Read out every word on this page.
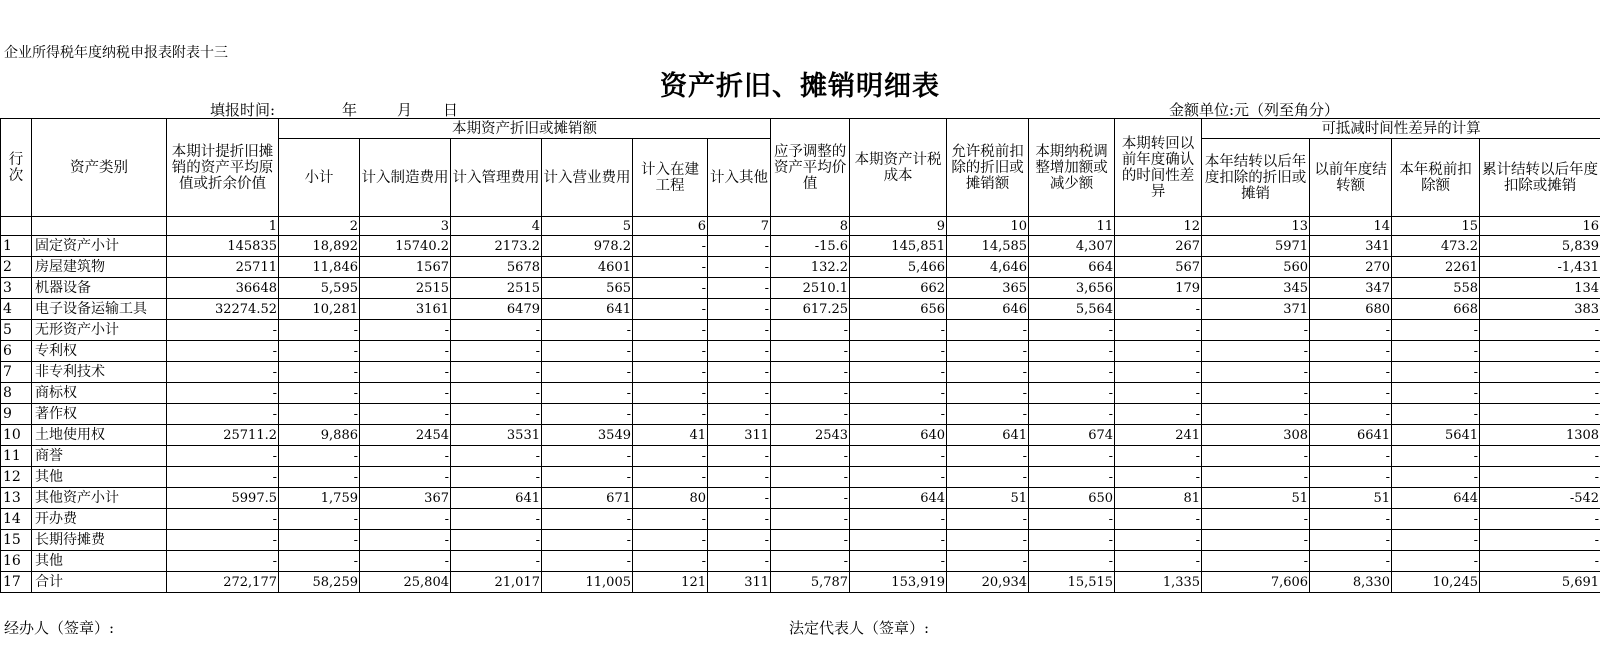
企业所得税年度纳税申报表附表十三
资产折旧、摊销明细表
填报时间:	年	月 日	金额单位:元（列至角分）
行次	资产类别	本期计提折旧摊销的资产平均原值或折余价值	本期资产折旧或摊销额						应予调整的资产平均价值	本期资产计税成本	允许税前扣除的折旧或摊销额	本期纳税调整增加额或减少额	本期转回以前年度确认的时间性差异	可抵减时间性差异的计算			
			小计	计入制造费用	计入管理费用	计入营业费用	计入在建工程	计入其他						本年结转以后年度扣除的折旧或摊销	以前年度结转额	本年税前扣除额	累计结转以后年度扣除或摊销
		1	2	3	4	5	6	7	8	9	10	11	12	13	14	15	16
1	固定资产小计	145835	18,892	15740.2	2173.2	978.2	-	-	-15.6	145,851	14,585	4,307	267	5971	341	473.2	5,839
2	房屋建筑物	25711	11,846	1567	5678	4601	-	-	132.2	5,466	4,646	664	567	560	270	2261	-1,431
3	机器设备	36648	5,595	2515	2515	565	-	-	2510.1	662	365	3,656	179	345	347	558	134
4	电子设备运输工具	32274.52	10,281	3161	6479	641	-	-	617.25	656	646	5,564	-	371	680	668	383
5	无形资产小计	-	-	-	-	-	-	-	-	-	-	-	-	-	-	-	-
6	专利权	-	-	-	-	-	-	-	-	-	-	-	-	-	-	-	-
7	非专利技术	-	-	-	-	-	-	-	-	-	-	-	-	-	-	-	-
8	商标权	-	-	-	-	-	-	-	-	-	-	-	-	-	-	-	-
9	著作权	-	-	-	-	-	-	-	-	-	-	-	-	-	-	-	-
10	土地使用权	25711.2	9,886	2454	3531	3549	41	311	2543	640	641	674	241	308	6641	5641	1308
11	商誉	-	-	-	-	-	-	-	-	-	-	-	-	-	-	-	-
12	其他	-	-	-	-	-	-	-	-	-	-	-	-	-	-	-	-
13	其他资产小计	5997.5	1,759	367	641	671	80	-	-	644	51	650	81	51	51	644	-542
14	开办费	-	-	-	-	-	-	-	-	-	-	-	-	-	-	-	-
15	长期待摊费	-	-	-	-	-	-	-	-	-	-	-	-	-	-	-	-
16	其他	-	-	-	-	-	-	-	-	-	-	-	-	-	-	-	-
17	合计	272,177	58,259	25,804	21,017	11,005	121	311	5,787	153,919	20,934	15,515	1,335	7,606	8,330	10,245	5,691
经办人（签章）:	法定代表人（签章）:
